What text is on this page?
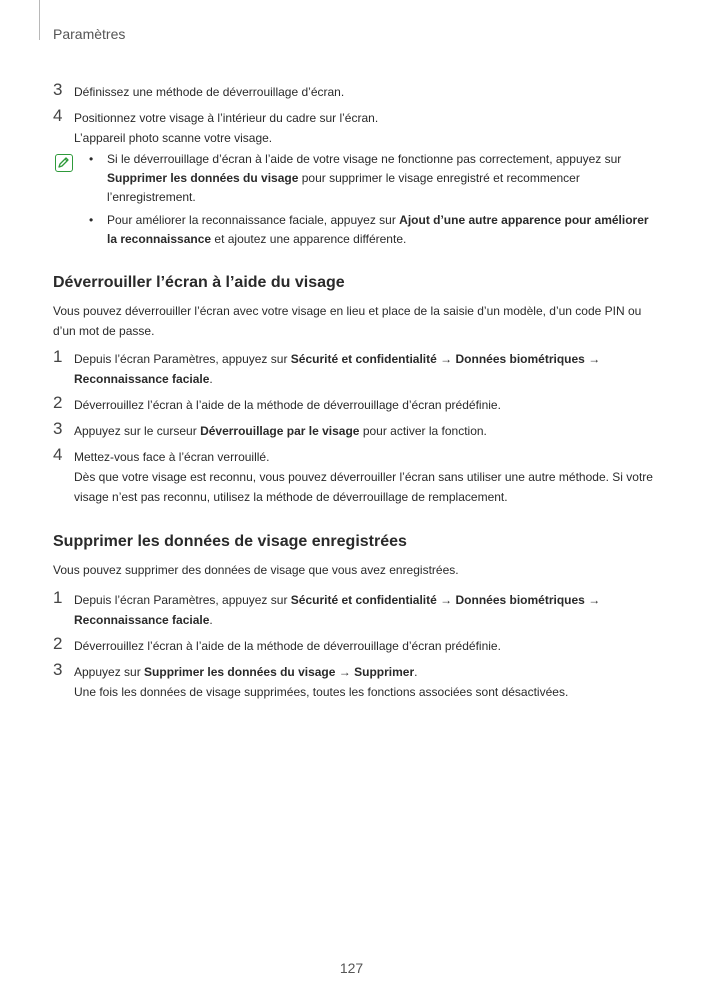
Paramètres
3 Définissez une méthode de déverrouillage d’écran.
4 Positionnez votre visage à l’intérieur du cadre sur l’écran.
L’appareil photo scanne votre visage.
• Si le déverrouillage d’écran à l’aide de votre visage ne fonctionne pas correctement, appuyez sur Supprimer les données du visage pour supprimer le visage enregistré et recommencer l’enregistrement.
• Pour améliorer la reconnaissance faciale, appuyez sur Ajout d’une autre apparence pour améliorer la reconnaissance et ajoutez une apparence différente.
Déverrouiller l’écran à l’aide du visage
Vous pouvez déverrouiller l’écran avec votre visage en lieu et place de la saisie d’un modèle, d’un code PIN ou d’un mot de passe.
1 Depuis l’écran Paramètres, appuyez sur Sécurité et confidentialité → Données biométriques → Reconnaissance faciale.
2 Déverrouillez l’écran à l’aide de la méthode de déverrouillage d’écran prédéfinie.
3 Appuyez sur le curseur Déverrouillage par le visage pour activer la fonction.
4 Mettez-vous face à l’écran verrouillé.
Dès que votre visage est reconnu, vous pouvez déverrouiller l’écran sans utiliser une autre méthode. Si votre visage n’est pas reconnu, utilisez la méthode de déverrouillage de remplacement.
Supprimer les données de visage enregistrées
Vous pouvez supprimer des données de visage que vous avez enregistrées.
1 Depuis l’écran Paramètres, appuyez sur Sécurité et confidentialité → Données biométriques → Reconnaissance faciale.
2 Déverrouillez l’écran à l’aide de la méthode de déverrouillage d’écran prédéfinie.
3 Appuyez sur Supprimer les données du visage → Supprimer.
Une fois les données de visage supprimées, toutes les fonctions associées sont désactivées.
127
